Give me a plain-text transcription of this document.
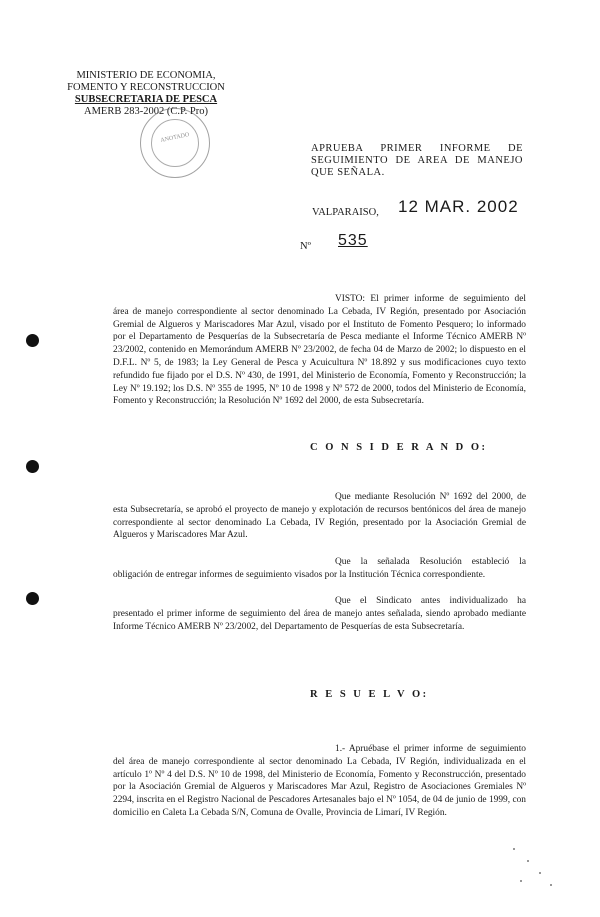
MINISTERIO DE ECONOMIA,
FOMENTO Y RECONSTRUCCION
SUBSECRETARIA DE PESCA
AMERB 283-2002 (C.P. Pro)
ANOTADO
APRUEBA PRIMER INFORME DE SEGUIMIENTO DE AREA DE MANEJO QUE SEÑALA.
VALPARAISO, 12 MAR. 2002
Nº 535

VISTO: El primer informe de seguimiento del área de manejo correspondiente al sector denominado La Cebada, IV Región, presentado por Asociación Gremial de Algueros y Mariscadores Mar Azul, visado por el Instituto de Fomento Pesquero; lo informado por el Departamento de Pesquerías de la Subsecretaría de Pesca mediante el Informe Técnico AMERB Nº 23/2002, contenido en Memorándum AMERB Nº 23/2002, de fecha 04 de Marzo de 2002; lo dispuesto en el D.F.L. Nº 5, de 1983; la Ley General de Pesca y Acuicultura Nº 18.892 y sus modificaciones cuyo texto refundido fue fijado por el D.S. Nº 430, de 1991, del Ministerio de Economía, Fomento y Reconstrucción; la Ley Nº 19.192; los D.S. Nº 355 de 1995, Nº 10 de 1998 y Nº 572 de 2000, todos del Ministerio de Economía, Fomento y Reconstrucción; la Resolución Nº 1692 del 2000, de esta Subsecretaría.

C O N S I D E R A N D O:

Que mediante Resolución Nº 1692 del 2000, de esta Subsecretaría, se aprobó el proyecto de manejo y explotación de recursos bentónicos del área de manejo correspondiente al sector denominado La Cebada, IV Región, presentado por la Asociación Gremial de Algueros y Mariscadores Mar Azul.

Que la señalada Resolución estableció la obligación de entregar informes de seguimiento visados por la Institución Técnica correspondiente.

Que el Sindicato antes individualizado ha presentado el primer informe de seguimiento del área de manejo antes señalada, siendo aprobado mediante Informe Técnico AMERB Nº 23/2002, del Departamento de Pesquerías de esta Subsecretaría.

R E S U E L V O:

1.- Apruébase el primer informe de seguimiento del área de manejo correspondiente al sector denominado La Cebada, IV Región, individualizada en el artículo 1º Nº 4 del D.S. Nº 10 de 1998, del Ministerio de Economía, Fomento y Reconstrucción, presentado por la Asociación Gremial de Algueros y Mariscadores Mar Azul, Registro de Asociaciones Gremiales Nº 2294, inscrita en el Registro Nacional de Pescadores Artesanales bajo el Nº 1054, de 04 de junio de 1999, con domicilio en Caleta La Cebada S/N, Comuna de Ovalle, Provincia de Limarí, IV Región.
